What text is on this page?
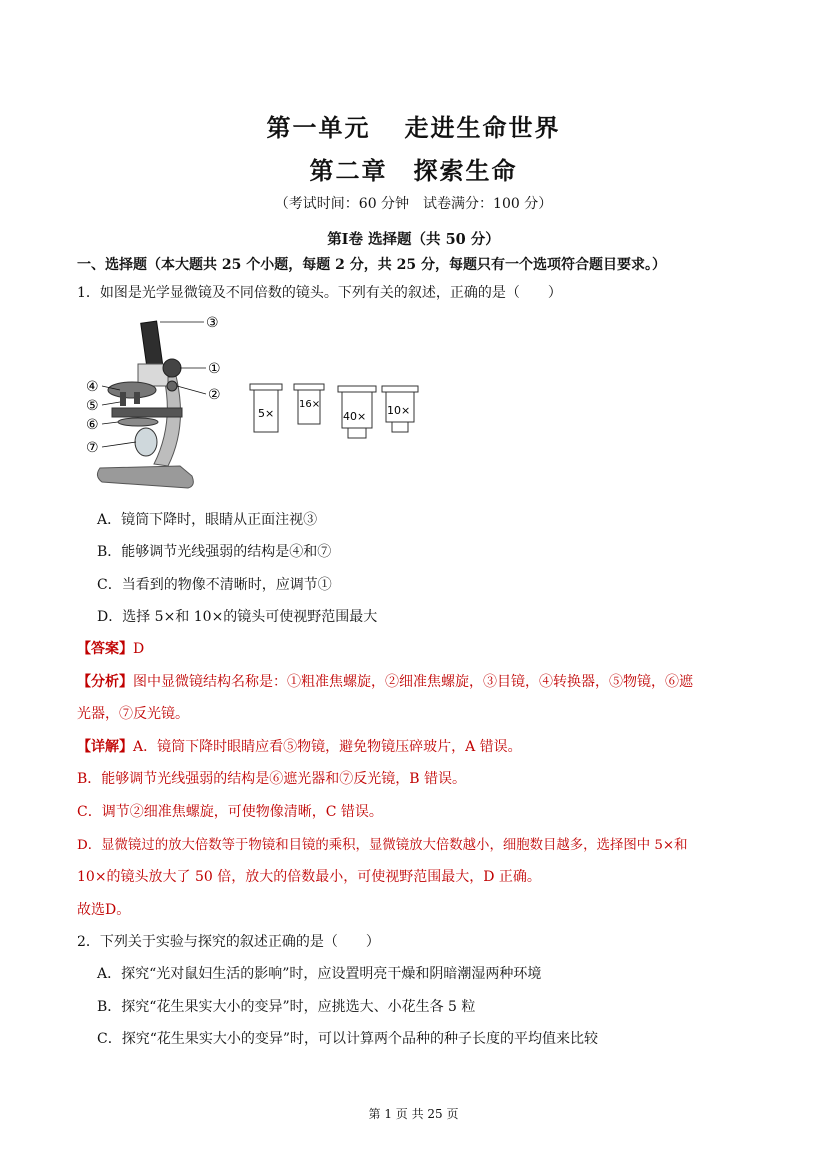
第一单元 走进生命世界
第二章　探索生命
（考试时间：60 分钟　试卷满分：100 分）
第Ⅰ卷 选择题（共 50 分）
一、选择题（本大题共 25 个小题，每题 2 分，共 25 分，每题只有一个选项符合题目要求。）
1．如图是光学显微镜及不同倍数的镜头。下列有关的叙述，正确的是（　　）
③
①
②
④
⑤
⑥
⑦
5×
16×
40× 10×
A．镜筒下降时，眼睛从正面注视③
B．能够调节光线强弱的结构是④和⑦
C．当看到的物像不清晰时，应调节①
D．选择 5×和 10×的镜头可使视野范围最大
【答案】D
【分析】图中显微镜结构名称是：①粗准焦螺旋，②细准焦螺旋，③目镜，④转换器，⑤物镜，⑥遮
光器，⑦反光镜。
【详解】A．镜筒下降时眼睛应看⑤物镜，避免物镜压碎玻片，A 错误。
B．能够调节光线强弱的结构是⑥遮光器和⑦反光镜，B 错误。
C．调节②细准焦螺旋，可使物像清晰，C 错误。
D．显微镜过的放大倍数等于物镜和目镜的乘积，显微镜放大倍数越小，细胞数目越多，选择图中 5×和
10×的镜头放大了 50 倍，放大的倍数最小，可使视野范围最大，D 正确。
故选D。
2．下列关于实验与探究的叙述正确的是（　　）
A．探究“光对鼠妇生活的影响”时，应设置明亮干燥和阴暗潮湿两种环境
B．探究“花生果实大小的变异”时，应挑选大、小花生各 5 粒
C．探究“花生果实大小的变异”时，可以计算两个品种的种子长度的平均值来比较
第 1 页 共 25 页
